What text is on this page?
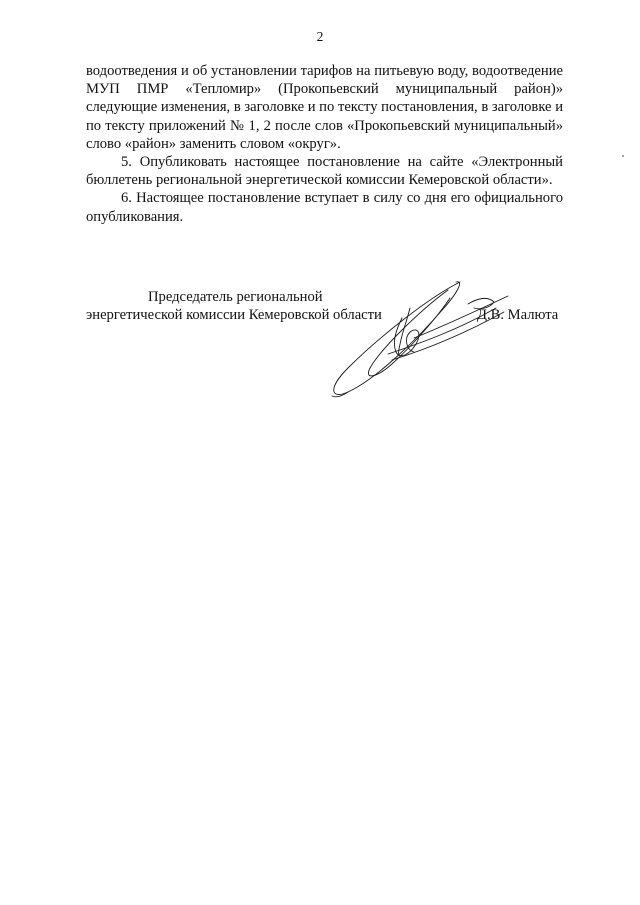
2

водоотведения и об установлении тарифов на питьевую воду, водоотведение МУП ПМР «Тепломир» (Прокопьевский муниципальный район)» следующие изменения, в заголовке и по тексту постановления, в заголовке и по тексту приложений № 1, 2 после слов «Прокопьевский муниципальный» слово «район» заменить словом «округ».

5. Опубликовать настоящее постановление на сайте «Электронный бюллетень региональной энергетической комиссии Кемеровской области».

6. Настоящее постановление вступает в силу со дня его официального опубликования.

Председатель региональной
энергетической комиссии Кемеровской области	Д.В. Малюта
